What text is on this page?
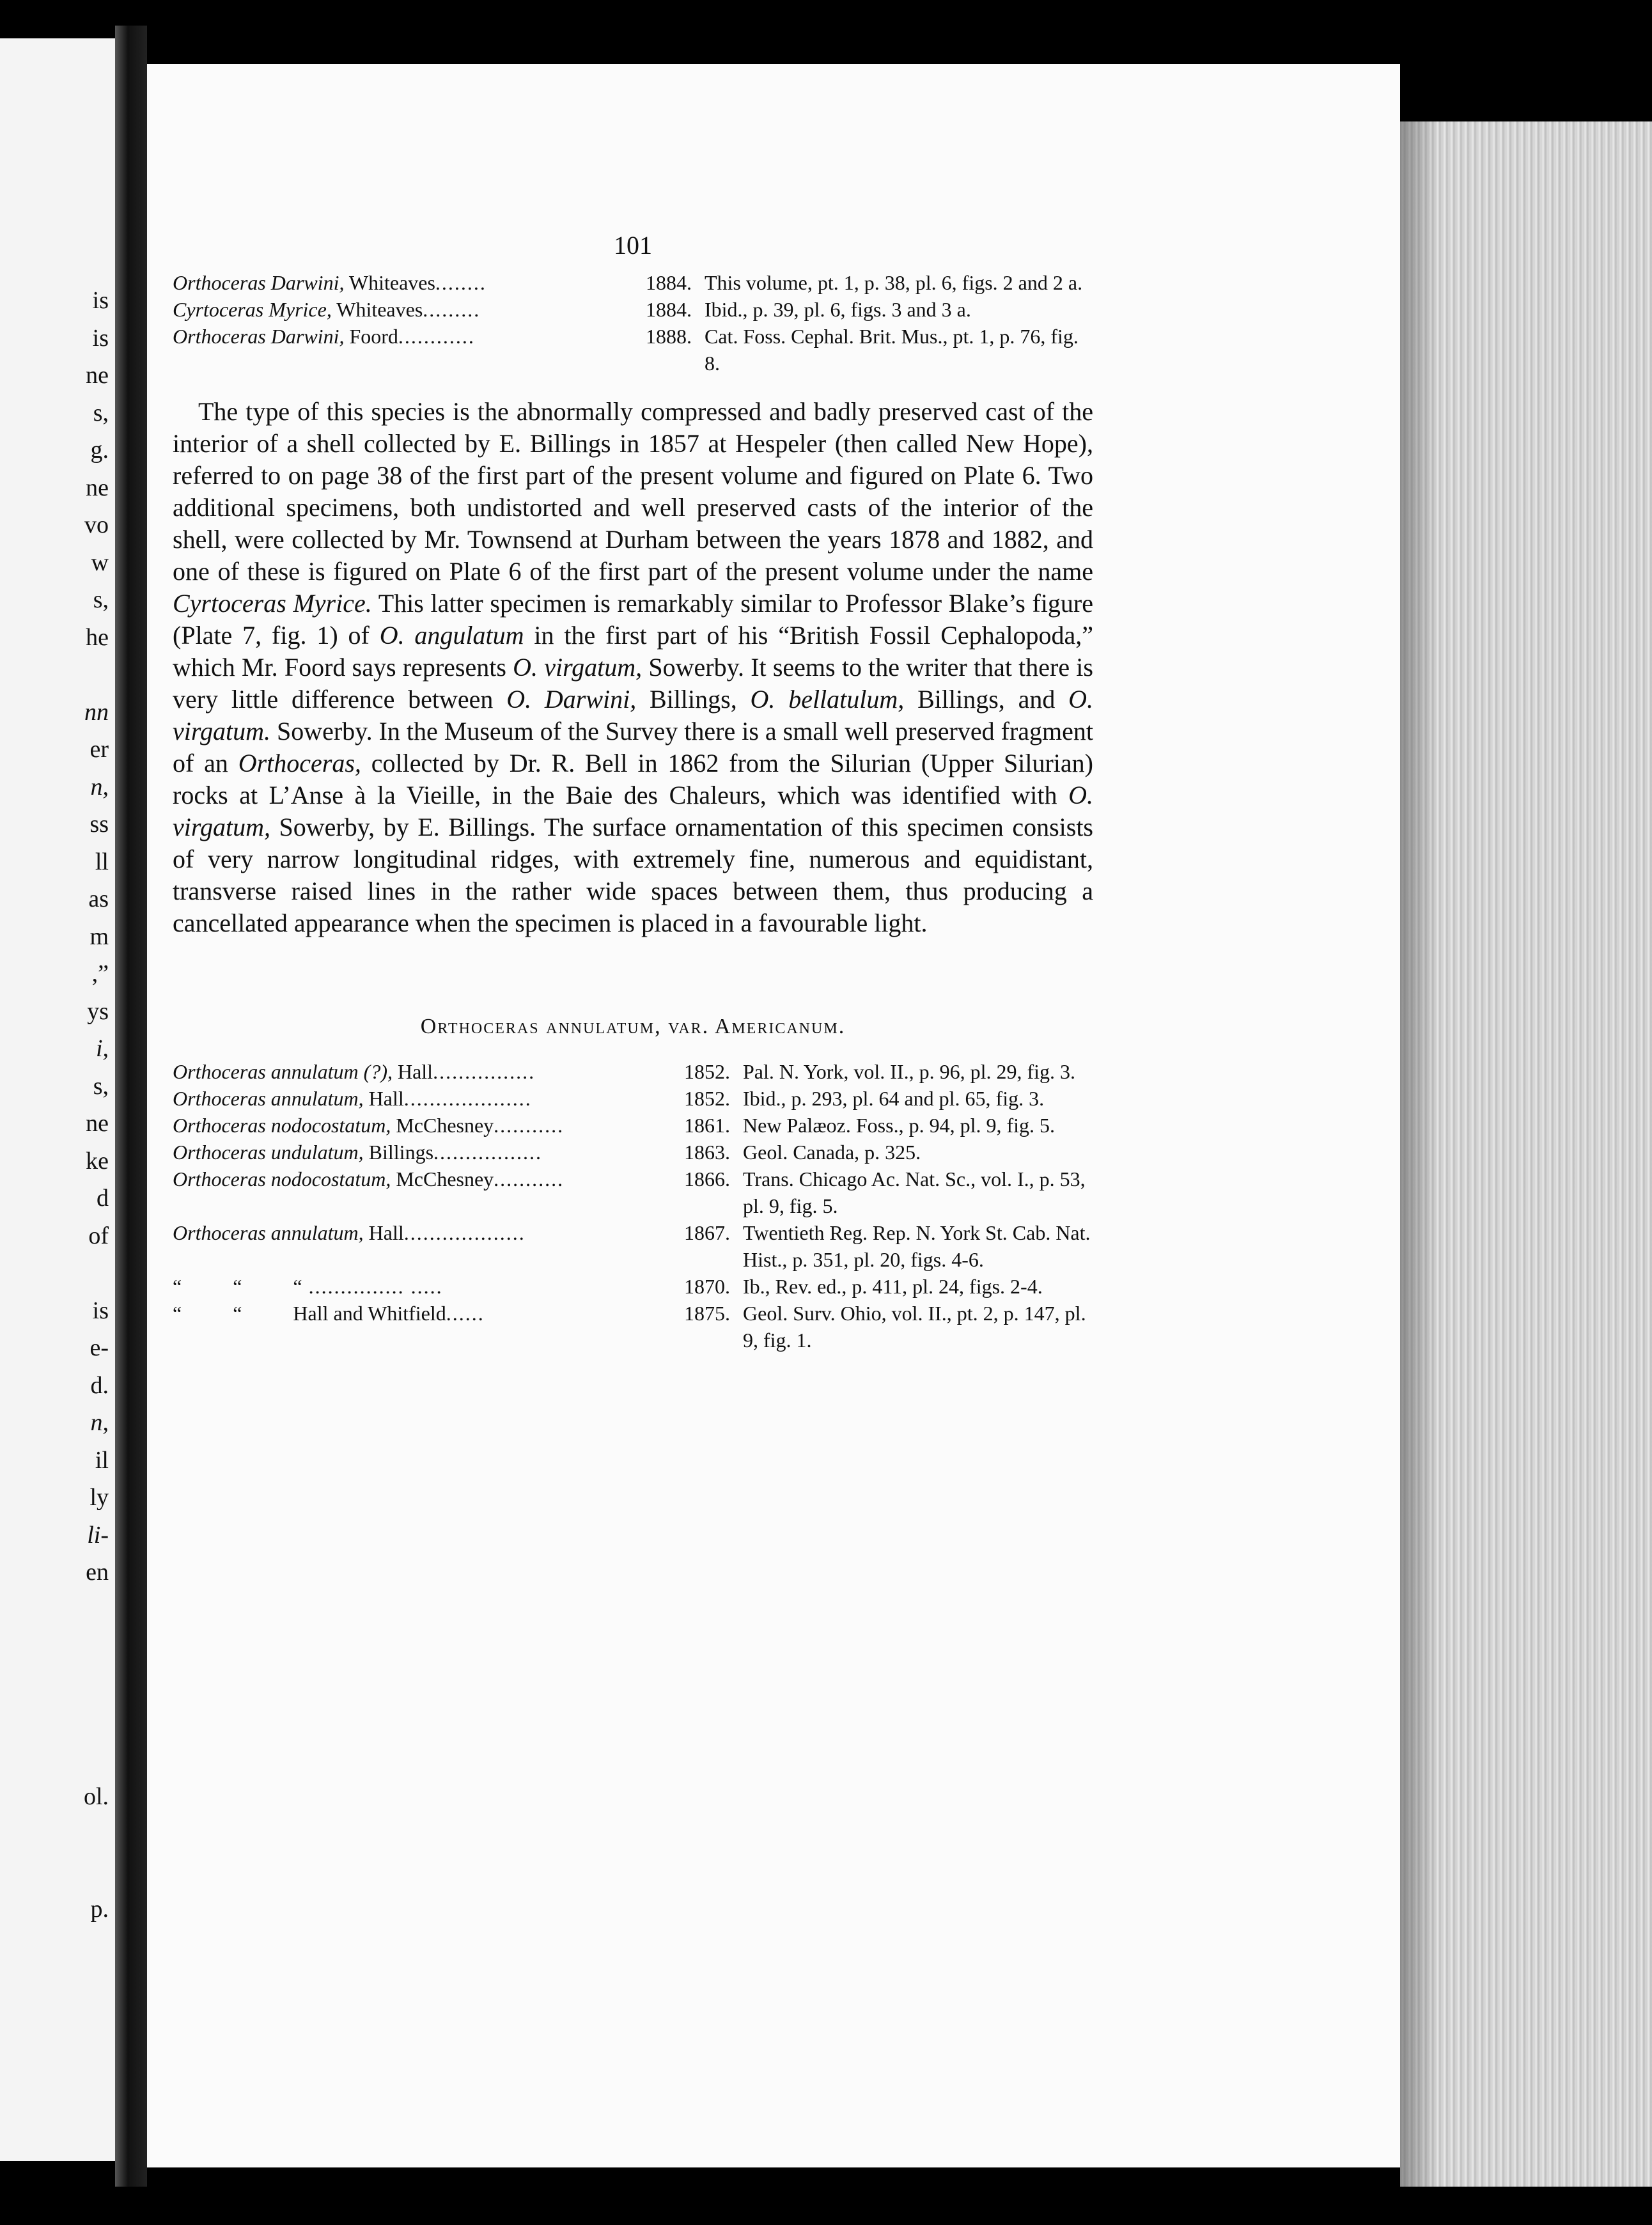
is
is
ne
s,
g.
ne
vo
w
s,
he
nn
er
n,
ss
ll
as
m
,”
ys
i,
s,
ne
ke
d
of
is
e-
d.
n,
il
ly
li-
en
ol.
p.
101
Orthoceras Darwini, Whiteaves........	1884. This volume, pt. 1, p. 38, pl. 6, figs. 2 and 2 a.
Cyrtoceras Myrice, Whiteaves.........	1884. Ibid., p. 39, pl. 6, figs. 3 and 3 a.
Orthoceras Darwini, Foord............	1888. Cat. Foss. Cephal. Brit. Mus., pt. 1, p. 76, fig. 8.

The type of this species is the abnormally compressed and badly preserved cast of the interior of a shell collected by E. Billings in 1857 at Hespeler (then called New Hope), referred to on page 38 of the first part of the present volume and figured on Plate 6. Two additional specimens, both undistorted and well preserved casts of the interior of the shell, were collected by Mr. Townsend at Durham between the years 1878 and 1882, and one of these is figured on Plate 6 of the first part of the present volume under the name Cyrtoceras Myrice. This latter specimen is remarkably similar to Professor Blake’s figure (Plate 7, fig. 1) of O. angulatum in the first part of his “British Fossil Cephalopoda,” which Mr. Foord says represents O. virgatum, Sowerby. It seems to the writer that there is very little difference between O. Darwini, Billings, O. bellatulum, Billings, and O. virgatum. Sowerby. In the Museum of the Survey there is a small well preserved fragment of an Orthoceras, collected by Dr. R. Bell in 1862 from the Silurian (Upper Silurian) rocks at L’Anse à la Vieille, in the Baie des Chaleurs, which was identified with O. virgatum, Sowerby, by E. Billings. The surface ornamentation of this specimen consists of very narrow longitudinal ridges, with extremely fine, numerous and equidistant, transverse raised lines in the rather wide spaces between them, thus producing a cancellated appearance when the specimen is placed in a favourable light.

Orthoceras annulatum, var. Americanum.
Orthoceras annulatum (?), Hall................	1852. Pal. N. York, vol. II., p. 96, pl. 29, fig. 3.
Orthoceras annulatum, Hall....................	1852. Ibid., p. 293, pl. 64 and pl. 65, fig. 3.
Orthoceras nodocostatum, McChesney...........	1861. New Palæoz. Foss., p. 94, pl. 9, fig. 5.
Orthoceras undulatum, Billings.................	1863. Geol. Canada, p. 325.
Orthoceras nodocostatum, McChesney...........	1866. Trans. Chicago Ac. Nat. Sc., vol. I., p. 53, pl. 9, fig. 5.
Orthoceras annulatum, Hall...................	1867. Twentieth Reg. Rep. N. York St. Cab. Nat. Hist., p. 351, pl. 20, figs. 4-6.
“          “          “ ............... .....	1870. Ib., Rev. ed., p. 411, pl. 24, figs. 2-4.
“          “          Hall and Whitfield......	1875. Geol. Surv. Ohio, vol. II., pt. 2, p. 147, pl. 9, fig. 1.
